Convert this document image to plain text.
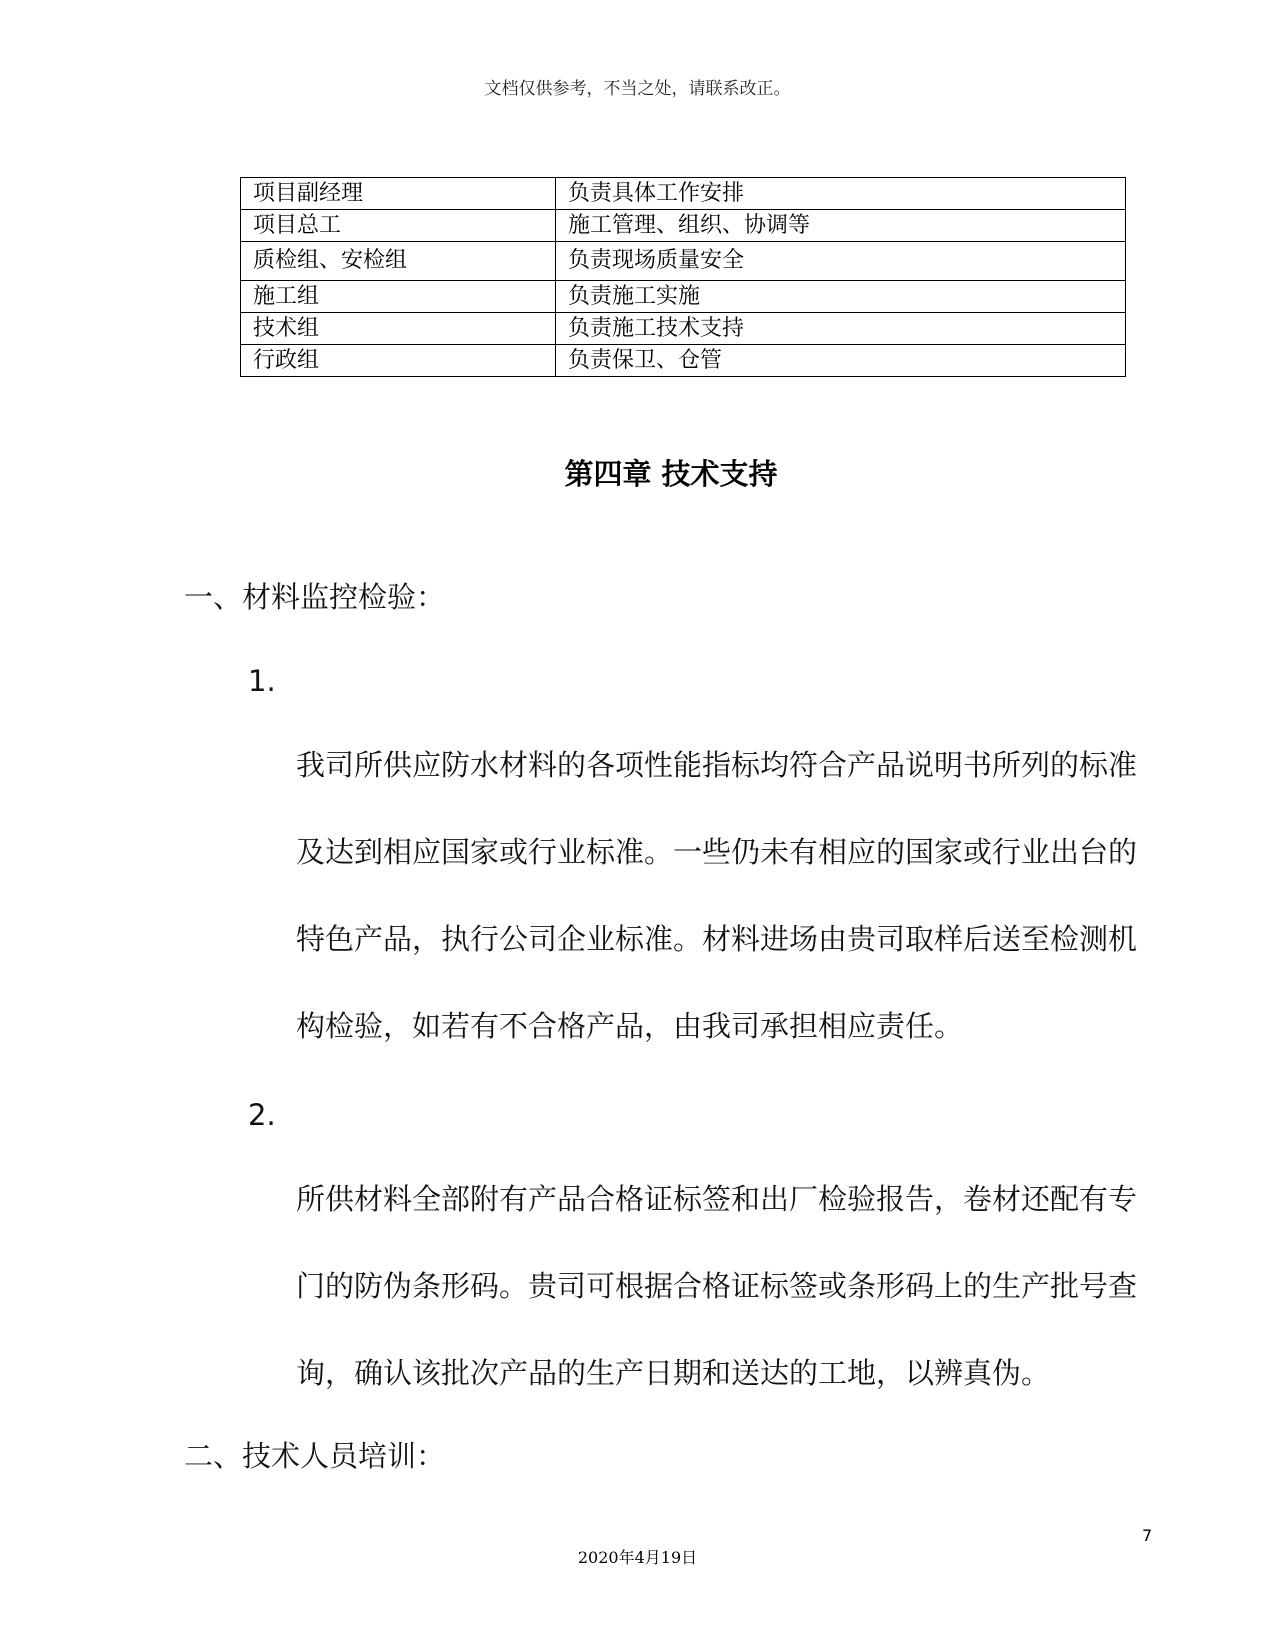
文档仅供参考，不当之处，请联系改正。
项目副经理	负责具体工作安排
项目总工	施工管理、组织、协调等
质检组、安检组	负责现场质量安全
施工组	负责施工实施
技术组	负责施工技术支持
行政组	负责保卫、仓管
第四章 技术支持
一、材料监控检验：
1.
我司所供应防水材料的各项性能指标均符合产品说明书所列的标准及达到相应国家或行业标准。一些仍未有相应的国家或行业出台的特色产品，执行公司企业标准。材料进场由贵司取样后送至检测机构检验，如若有不合格产品，由我司承担相应责任。
2.
所供材料全部附有产品合格证标签和出厂检验报告，卷材还配有专门的防伪条形码。贵司可根据合格证标签或条形码上的生产批号查询，确认该批次产品的生产日期和送达的工地，以辨真伪。
二、技术人员培训：
7
2020年4月19日
